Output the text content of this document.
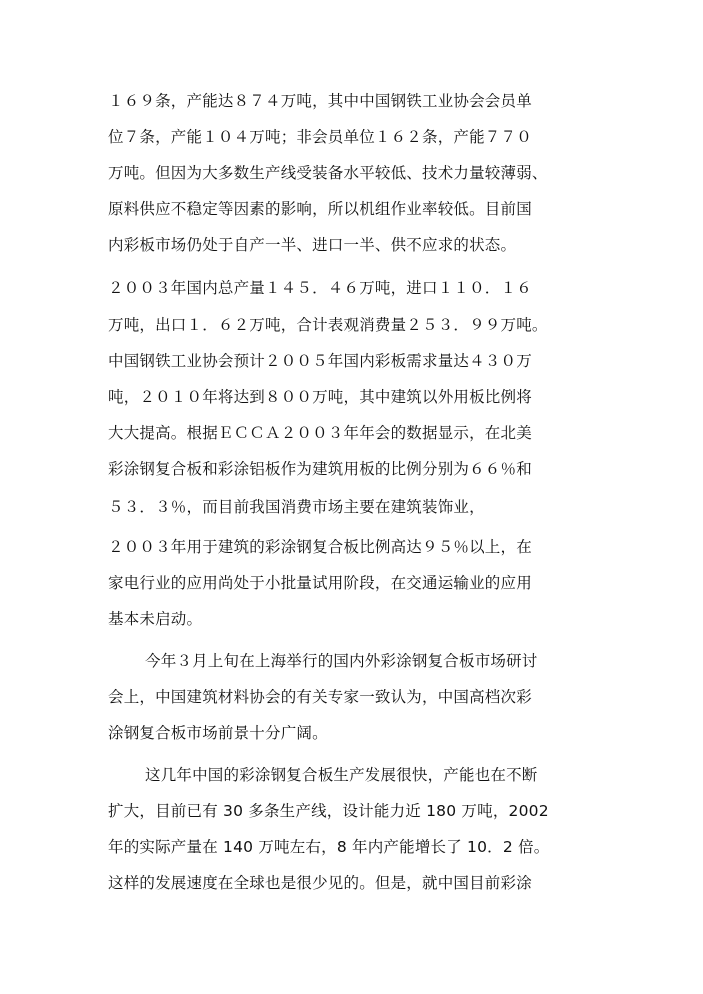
１６９条，产能达８７４万吨，其中中国钢铁工业协会会员单
位７条，产能１０４万吨；非会员单位１６２条，产能７７０
万吨。但因为大多数生产线受装备水平较低、技术力量较薄弱、
原料供应不稳定等因素的影响，所以机组作业率较低。目前国
内彩板市场仍处于自产一半、进口一半、供不应求的状态。
２００３年国内总产量１４５．４６万吨，进口１１０．１６
万吨，出口１．６２万吨，合计表观消费量２５３．９９万吨。
中国钢铁工业协会预计２００５年国内彩板需求量达４３０万
吨，２０１０年将达到８００万吨，其中建筑以外用板比例将
大大提高。根据ＥＣＣＡ２００３年年会的数据显示，在北美
彩涂钢复合板和彩涂铝板作为建筑用板的比例分别为６６％和
５３．３％，而目前我国消费市场主要在建筑装饰业，
２００３年用于建筑的彩涂钢复合板比例高达９５％以上，在
家电行业的应用尚处于小批量试用阶段，在交通运输业的应用
基本未启动。
今年３月上旬在上海举行的国内外彩涂钢复合板市场研讨
会上，中国建筑材料协会的有关专家一致认为，中国高档次彩
涂钢复合板市场前景十分广阔。
这几年中国的彩涂钢复合板生产发展很快，产能也在不断
扩大，目前已有 30 多条生产线，设计能力近 180 万吨，2002
年的实际产量在 140 万吨左右，8 年内产能增长了 10．2 倍。
这样的发展速度在全球也是很少见的。但是，就中国目前彩涂
